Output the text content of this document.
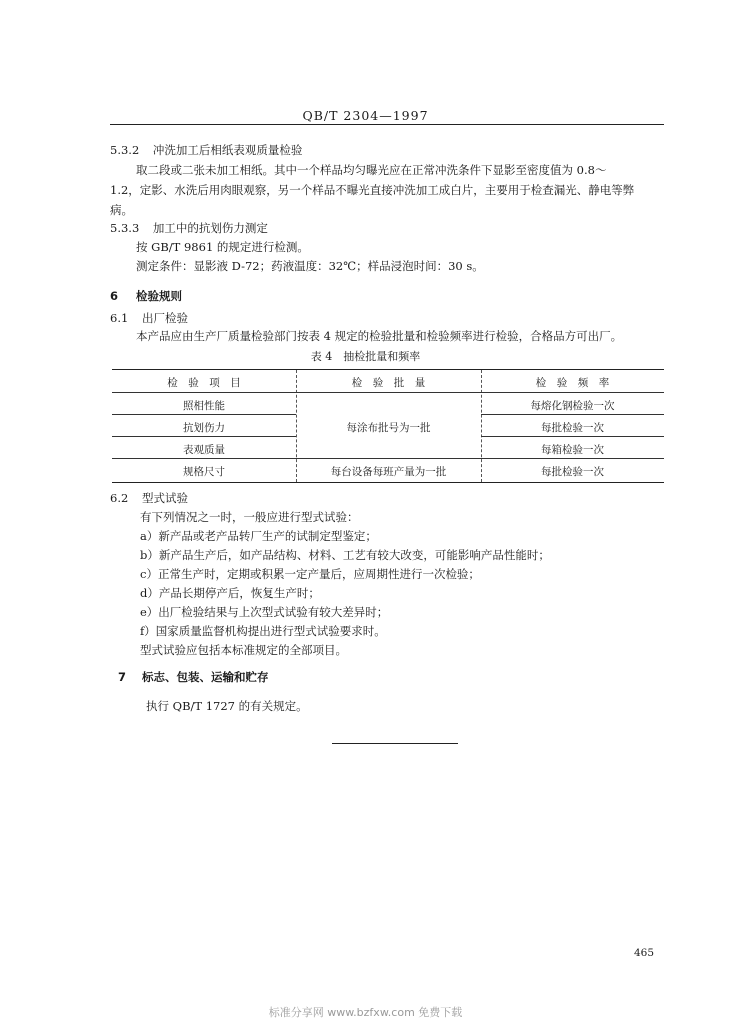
QB/T 2304—1997
5.3.2 冲洗加工后相纸表观质量检验
取二段或二张未加工相纸。其中一个样品均匀曝光应在正常冲洗条件下显影至密度值为 0.8～
1.2，定影、水洗后用肉眼观察，另一个样品不曝光直接冲洗加工成白片，主要用于检查漏光、静电等弊
病。
5.3.3 加工中的抗划伤力测定
按 GB/T 9861 的规定进行检测。
测定条件：显影液 D-72；药液温度：32℃；样品浸泡时间：30 s。
6 检验规则
6.1 出厂检验
本产品应由生产厂质量检验部门按表 4 规定的检验批量和检验频率进行检验，合格品方可出厂。
表 4　抽检批量和频率
检　验　项　目	检　验　批　量	检　验　频　率
照相性能
抗划伤力
表观质量
规格尺寸
每涂布批号为一批
每台设备每班产量为一批
每熔化钢检验一次
每批检验一次
每箱检验一次
每批检验一次
6.2 型式试验
有下列情况之一时，一般应进行型式试验：
a）新产品或老产品转厂生产的试制定型鉴定；
b）新产品生产后，如产品结构、材料、工艺有较大改变，可能影响产品性能时；
c）正常生产时，定期或积累一定产量后，应周期性进行一次检验；
d）产品长期停产后，恢复生产时；
e）出厂检验结果与上次型式试验有较大差异时；
f）国家质量监督机构提出进行型式试验要求时。
型式试验应包括本标准规定的全部项目。
7 标志、包装、运输和贮存
执行 QB/T 1727 的有关规定。
465
标准分享网 www.bzfxw.com 免费下载
